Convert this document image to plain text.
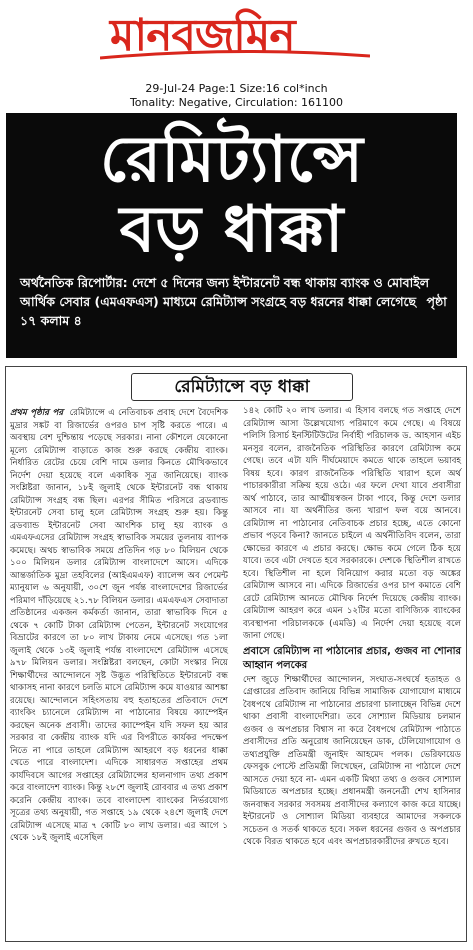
মানবজমিন
29-Jul-24 Page:1 Size:16 col*inch
Tonality: Negative, Circulation: 161100
রেমিট্যান্সে
বড় ধাক্কা
অর্থনৈতিক রিপোর্টার: দেশে ৫ দিনের জন্য ইন্টারনেট বন্ধ থাকায় ব্যাংক ও মোবাইল আর্থিক সেবার (এমএফএস) মাধ্যমে রেমিট্যান্স সংগ্রহে বড় ধরনের ধাক্কা লেগেছে পৃষ্ঠা ১৭ কলাম ৪
রেমিট্যান্সে বড় ধাক্কা

প্রথম পৃষ্ঠার পর রেমিট্যান্সে এ নেতিবাচক প্রবাহ দেশে বৈদেশিক মুদ্রার সঙ্কট বা রিজার্ভের ওপরও চাপ সৃষ্টি করতে পারে। এ অবস্থায় বেশ দুশ্চিন্তায় পড়েছে সরকার। নানা কৌশলে যেকোনো মূল্যে রেমিট্যান্স বাড়াতে কাজ শুরু করছে কেন্দ্রীয় ব্যাংক। নির্ধারিত রেটের চেয়ে বেশি দামে ডলার কিনতে মৌখিকভাবে নির্দেশ দেয়া হয়েছে বলে একাধিক সূত্র জানিয়েছে। ব্যাংক সংশ্লিষ্টরা জানান, ১৮ই জুলাই থেকে ইন্টারনেট বন্ধ থাকায় রেমিট্যান্স সংগ্রহ বন্ধ ছিল। এরপর সীমিত পরিসরে ব্রডব্যান্ড ইন্টারনেট সেবা চালু হলে রেমিট্যান্স সংগ্রহ শুরু হয়। কিন্তু ব্রডব্যান্ড ইন্টারনেট সেবা আংশিক চালু হয় ব্যাংক ও এমএফএসের রেমিট্যান্স সংগ্রহ স্বাভাবিক সময়ের তুলনায় ব্যাপক কমেছে। অথচ স্বাভাবিক সময়ে প্রতিদিন গড় ৮০ মিলিয়ন থেকে ১০০ মিলিয়ন ডলার রেমিট্যান্স বাংলাদেশে আসে। এদিকে আন্তর্জাতিক মুদ্রা তহবিলের (আইএমএফ) ব্যালেন্স অব পেমেন্ট ম্যানুয়াল ৬ অনুযায়ী, ৩০শে জুন পর্যন্ত বাংলাদেশের রিজার্ভের পরিমাণ দাঁড়িয়েছে ২১.৭৮ বিলিয়ন ডলার। এমএফএস সেবাদাতা প্রতিষ্ঠানের একজন কর্মকর্তা জানান, তারা স্বাভাবিক দিনে ৫ থেকে ৭ কোটি টাকা রেমিট্যান্স পেতেন, ইন্টারনেট সংযোগের বিভ্রাটের কারণে তা ৮০ লাখ টাকায় নেমে এসেছে। গত ১লা জুলাই থেকে ১৩ই জুলাই পর্যন্ত বাংলাদেশে রেমিট্যান্স এসেছে ৯৭৮ মিলিয়ন ডলার। সংশ্লিষ্টরা বলছেন, কোটা সংস্কার নিয়ে শিক্ষার্থীদের আন্দোলনে সৃষ্ট উদ্ভূত পরিস্থিতিতে ইন্টারনেট বন্ধ থাকাসহ নানা কারণে চলতি মাসে রেমিট্যান্স কমে যাওয়ার আশঙ্কা রয়েছে। আন্দোলনে সহিংসতায় বহু হতাহতের প্রতিবাদে দেশে ব্যাংকিং চ্যানেলে রেমিট্যান্স না পাঠানোর বিষয়ে ক্যাম্পেইন করছেন অনেক প্রবাসী। তাদের ক্যাম্পেইন যদি সফল হয় আর সরকার বা কেন্দ্রীয় ব্যাংক যদি এর বিপরীতে কার্যকর পদক্ষেপ নিতে না পারে তাহলে রেমিট্যান্স আহরণে বড় ধরনের ধাক্কা খেতে পারে বাংলাদেশ। এদিকে সাধারণত সপ্তাহের প্রথম কার্যদিবসে আগের সপ্তাহের রেমিট্যান্সের হালনাগাদ তথ্য প্রকাশ করে বাংলাদেশ ব্যাংক। কিন্তু ২৮শে জুলাই রোববার এ তথ্য প্রকাশ করেনি কেন্দ্রীয় ব্যাংক। তবে বাংলাদেশ ব্যাংকের নির্ভরযোগ্য সূত্রের তথ্য অনুযায়ী, গত সপ্তাহে ১৯ থেকে ২৪শে জুলাই দেশে রেমিট্যান্স এসেছে মাত্র ৭ কোটি ৮০ লাখ ডলার। এর আগে ১ থেকে ১৮ই জুলাই এসেছিল

১৪২ কোটি ২০ লাখ ডলার। এ হিসাব বলছে গত সপ্তাহে দেশে রেমিট্যান্স আসা উল্লেখযোগ্য পরিমাণে কমে গেছে। এ বিষয়ে পলিসি রিসার্চ ইনস্টিটিউটের নির্বাহী পরিচালক ড. আহসান এইচ মনসুর বলেন, রাজনৈতিক পরিস্থিতির কারণে রেমিট্যান্স কমে গেছে। তবে এটা যদি দীর্ঘমেয়াদে কমতে থাকে তাহলে ভয়াবহ বিষয় হবে। কারণ রাজনৈতিক পরিস্থিতি খারাপ হলে অর্থ পাচারকারীরা সক্রিয় হয়ে ওঠে। এর ফলে দেখা যাবে প্রবাসীরা অর্থ পাঠাবে, তার আত্মীয়স্বজন টাকা পাবে, কিন্তু দেশে ডলার আসবে না। যা অর্থনীতির জন্য খারাপ ফল বয়ে আনবে। রেমিট্যান্স না পাঠানোর নেতিবাচক প্রচার হচ্ছে, এতে কোনো প্রভাব পড়বে কিনা? জানতে চাইলে এ অর্থনীতিবিদ বলেন, তারা ক্ষোভের কারণে এ প্রচার করছে। ক্ষোভ কমে গেলে ঠিক হয়ে যাবে। তবে এটা দেখতে হবে সরকারকে। দেশকে স্থিতিশীল রাখতে হবে। স্থিতিশীল না হলে বিনিয়োগ করার মতো বড় অঙ্কের রেমিট্যান্স আসবে না। এদিকে রিজার্ভের ওপর চাপ কমাতে বেশি রেটে রেমিট্যান্স আনতে মৌখিক নির্দেশ দিয়েছে কেন্দ্রীয় ব্যাংক। রেমিট্যান্স আহরণ করে এমন ১২টির মতো বাণিজ্যিক ব্যাংকের ব্যবস্থাপনা পরিচালককে (এমডি) এ নির্দেশ দেয়া হয়েছে বলে জানা গেছে।

প্রবাসে রেমিট্যান্স না পাঠানোর প্রচার, গুজব না শোনার আহ্বান পলকের

দেশ জুড়ে শিক্ষার্থীদের আন্দোলন, সংঘাত-সংঘর্ষে হতাহত ও গ্রেপ্তারের প্রতিবাদ জানিয়ে বিভিন্ন সামাজিক যোগাযোগ মাধ্যমে বৈধপথে রেমিট্যান্স না পাঠানোর প্রচারণা চালাচ্ছেন বিভিন্ন দেশে থাকা প্রবাসী বাংলাদেশিরা। তবে সোশ্যাল মিডিয়ায় চলমান গুজব ও অপপ্রচার বিশ্বাস না করে বৈধপথে রেমিট্যান্স পাঠাতে প্রবাসীদের প্রতি অনুরোধ জানিয়েছেন ডাক, টেলিযোগাযোগ ও তথ্যপ্রযুক্তি প্রতিমন্ত্রী জুনাইদ আহমেদ পলক। ভেরিফায়েড ফেসবুক পোস্টে প্রতিমন্ত্রী লিখেছেন, রেমিট্যান্স না পাঠালে দেশে আসতে দেয়া হবে না- এমন একটি মিথ্যা তথ্য ও গুজব সোশ্যাল মিডিয়াতে অপপ্রচার হচ্ছে। প্রধানমন্ত্রী জননেত্রী শেখ হাসিনার জনবান্ধব সরকার সবসময় প্রবাসীদের কল্যাণে কাজ করে যাচ্ছে। ইন্টারনেট ও সোশ্যাল মিডিয়া ব্যবহারে আমাদের সকলকে সচেতন ও সতর্ক থাকতে হবে। সকল ধরনের গুজব ও অপপ্রচার থেকে বিরত থাকতে হবে এবং অপপ্রচারকারীদের রুখতে হবে।
